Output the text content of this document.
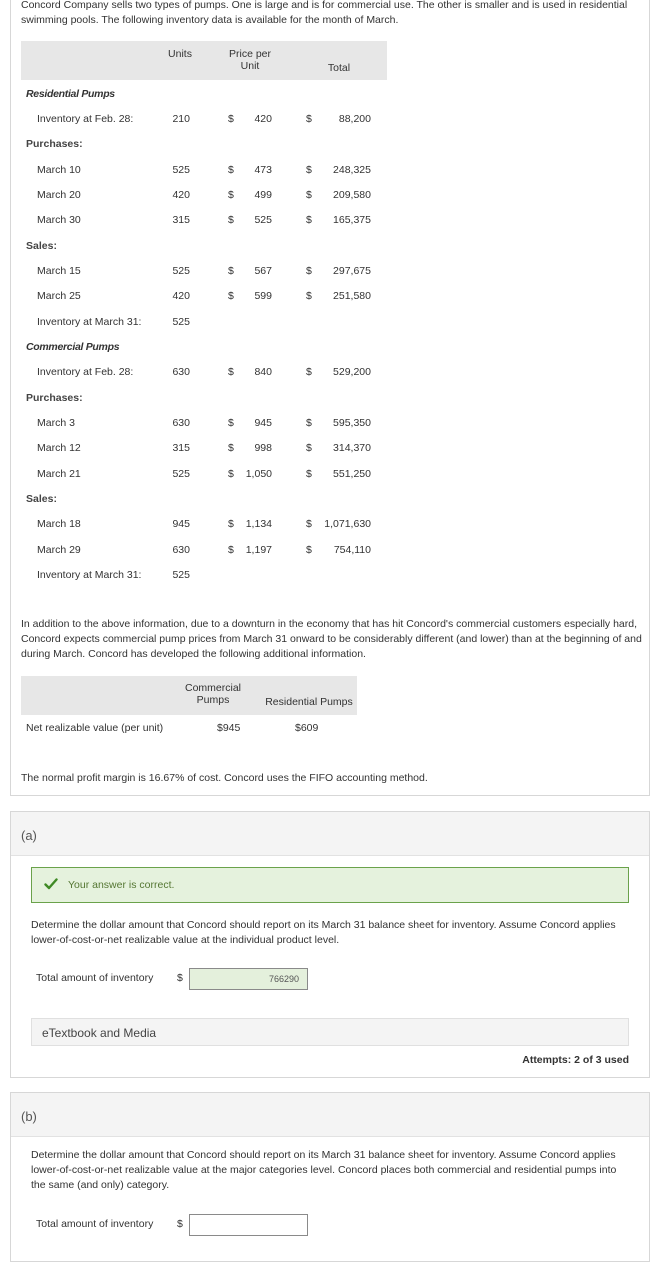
Concord Company sells two types of pumps. One is large and is for commercial use. The other is smaller and is used in residential swimming pools. The following inventory data is available for the month of March.

Units	Price per
Unit	Total
Residential Pumps
Inventory at Feb. 28:	210	$	420	$	88,200
Purchases:
March 10	525	$	473	$	248,325
March 20	420	$	499	$	209,580
March 30	315	$	525	$	165,375
Sales:
March 15	525	$	567	$	297,675
March 25	420	$	599	$	251,580
Inventory at March 31:	525
Commercial Pumps
Inventory at Feb. 28:	630	$	840	$	529,200
Purchases:
March 3	630	$	945	$	595,350
March 12	315	$	998	$	314,370
March 21	525	$	1,050	$	551,250
Sales:
March 18	945	$	1,134	$	1,071,630
March 29	630	$	1,197	$	754,110
Inventory at March 31:	525

In addition to the above information, due to a downturn in the economy that has hit Concord's commercial customers especially hard, Concord expects commercial pump prices from March 31 onward to be considerably different (and lower) than at the beginning of and during March. Concord has developed the following additional information.

Commercial
Pumps	Residential Pumps
Net realizable value (per unit)	$945	$609

The normal profit margin is 16.67% of cost. Concord uses the FIFO accounting method.

(a)
Your answer is correct.

Determine the dollar amount that Concord should report on its March 31 balance sheet for inventory. Assume Concord applies lower-of-cost-or-net realizable value at the individual product level.

Total amount of inventory $
766290
eTextbook and Media
Attempts: 2 of 3 used
(b)

Determine the dollar amount that Concord should report on its March 31 balance sheet for inventory. Assume Concord applies lower-of-cost-or-net realizable value at the major categories level. Concord places both commercial and residential pumps into the same (and only) category.

Total amount of inventory $
